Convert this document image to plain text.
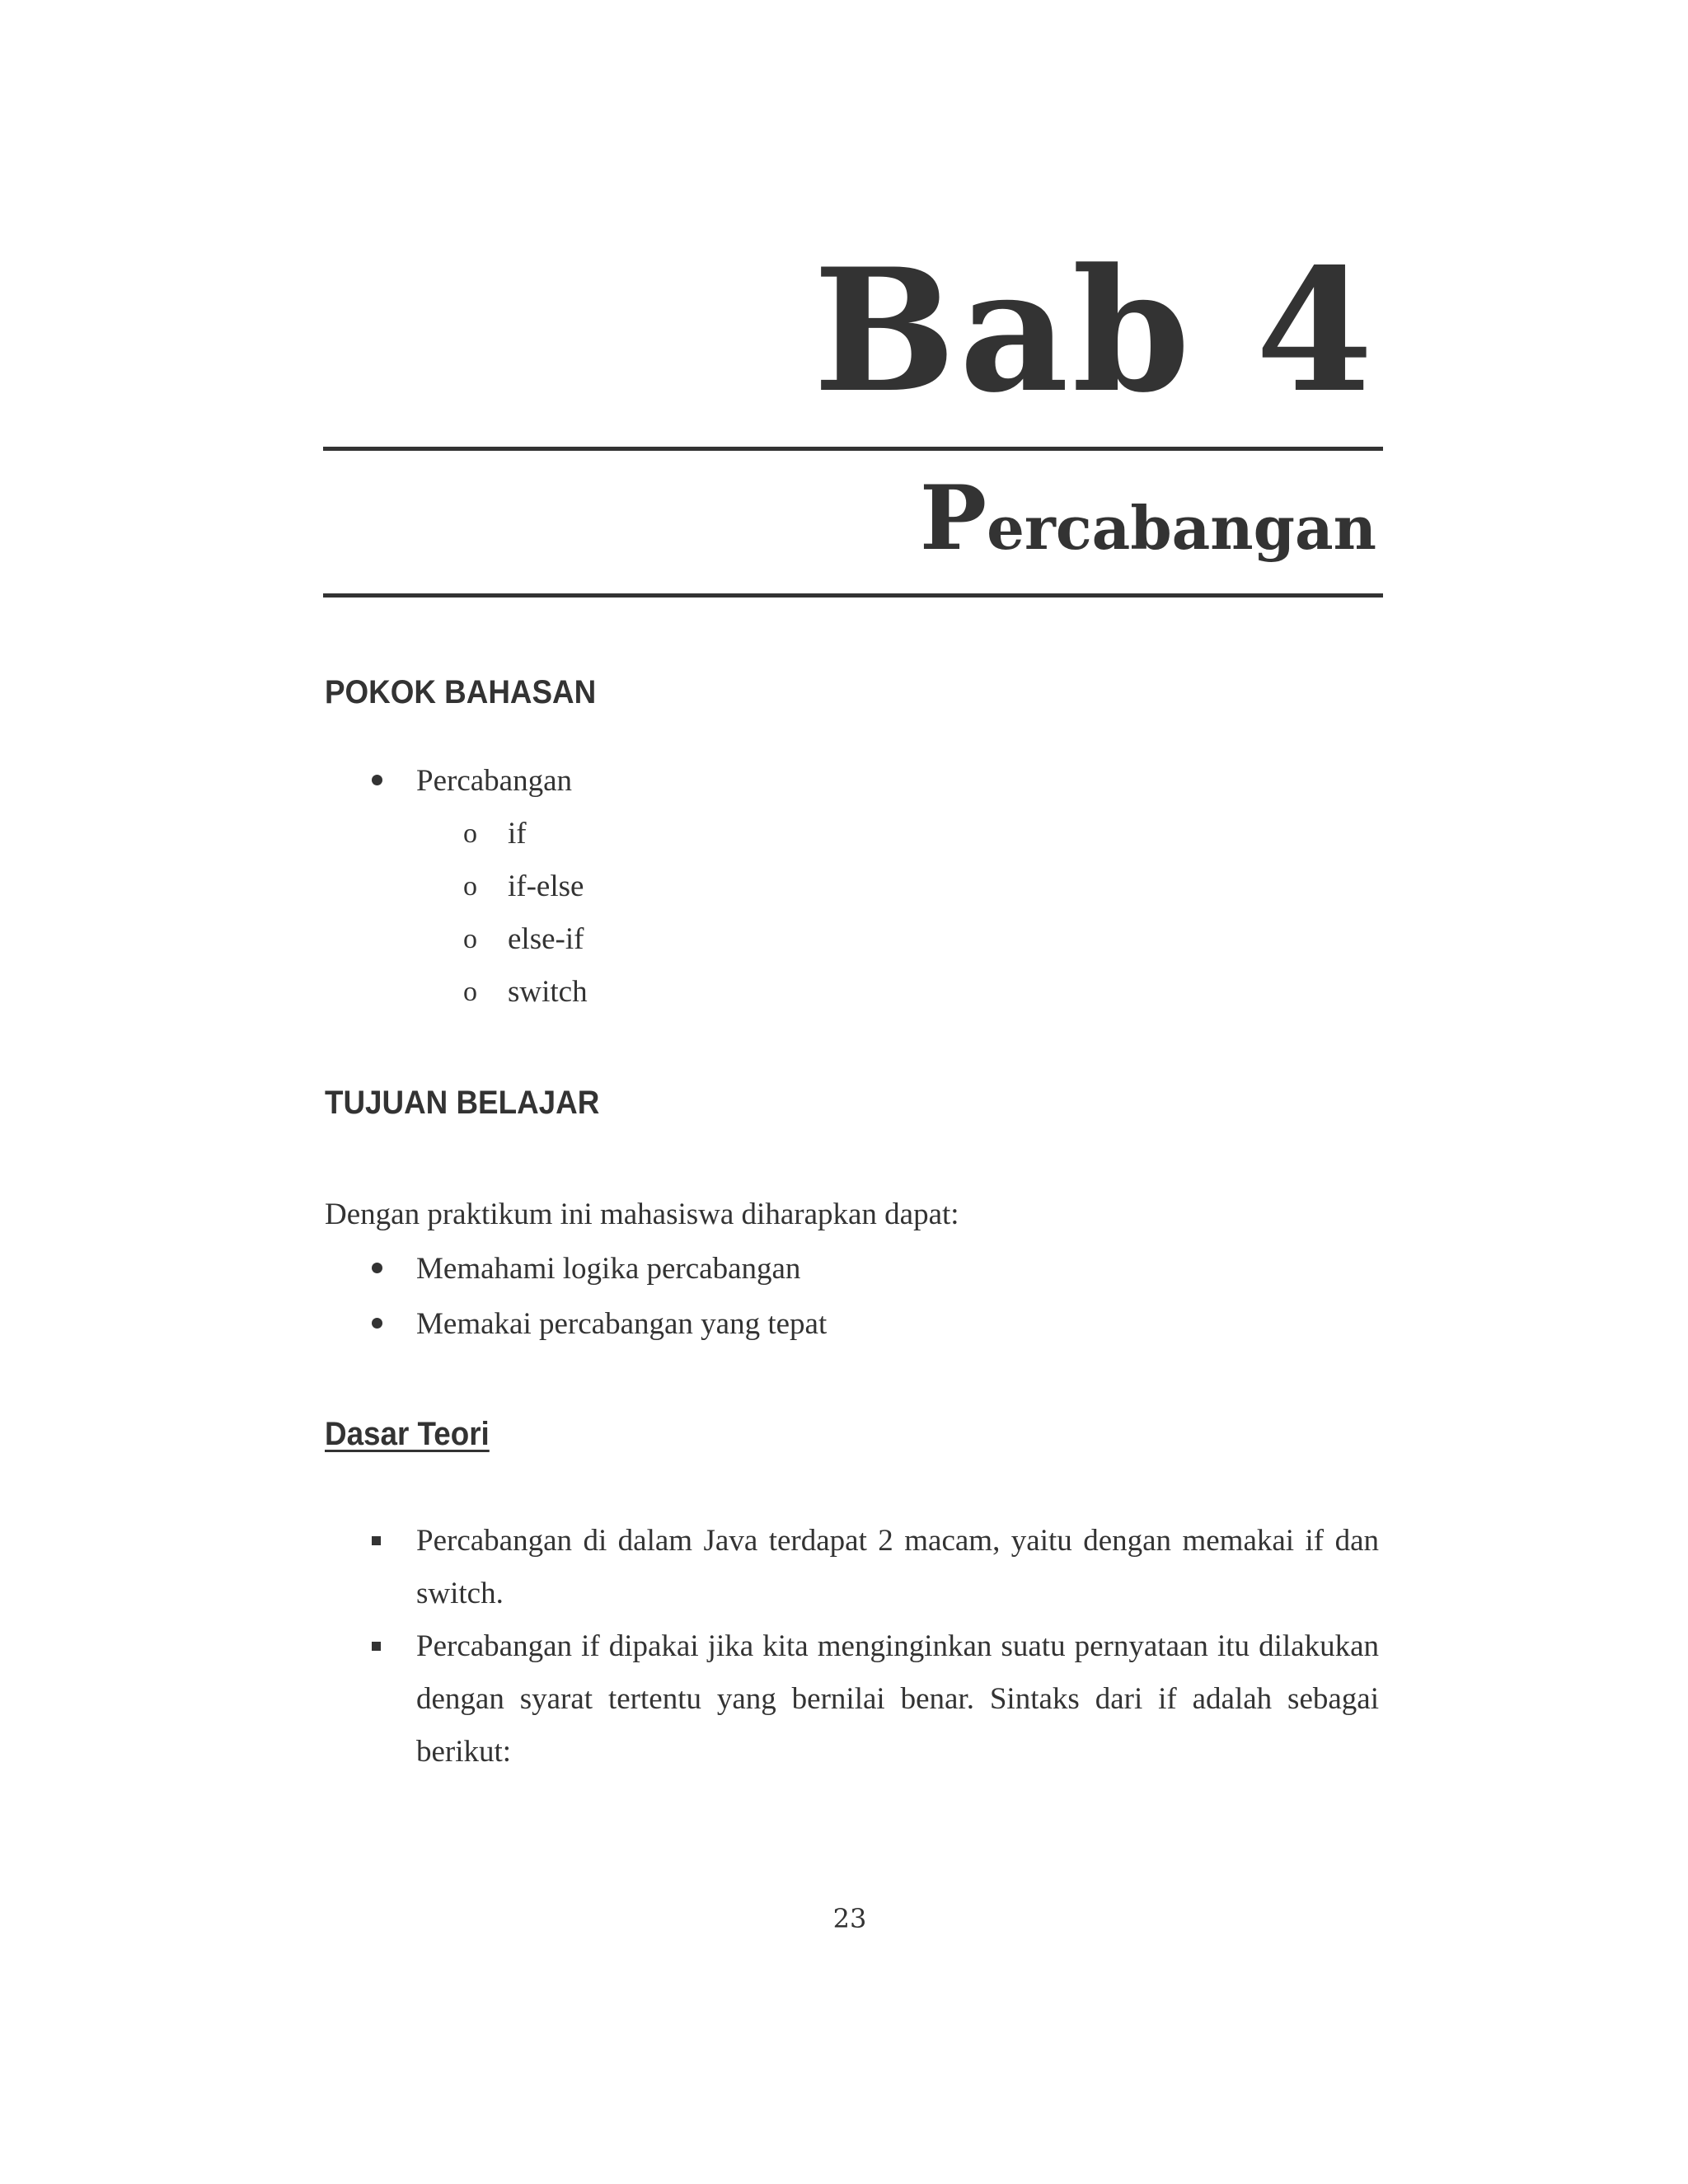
Bab 4
Percabangan
POKOK BAHASAN
Percabangan
o if
o if-else
o else-if
o switch
TUJUAN BELAJAR
Dengan praktikum ini mahasiswa diharapkan dapat:
Memahami logika percabangan
Memakai percabangan yang tepat
Dasar Teori
Percabangan di dalam Java terdapat 2 macam, yaitu dengan memakai if dan switch.
Percabangan if dipakai jika kita menginginkan suatu pernyataan itu dilakukan dengan syarat tertentu yang bernilai benar. Sintaks dari if adalah sebagai berikut:
23
